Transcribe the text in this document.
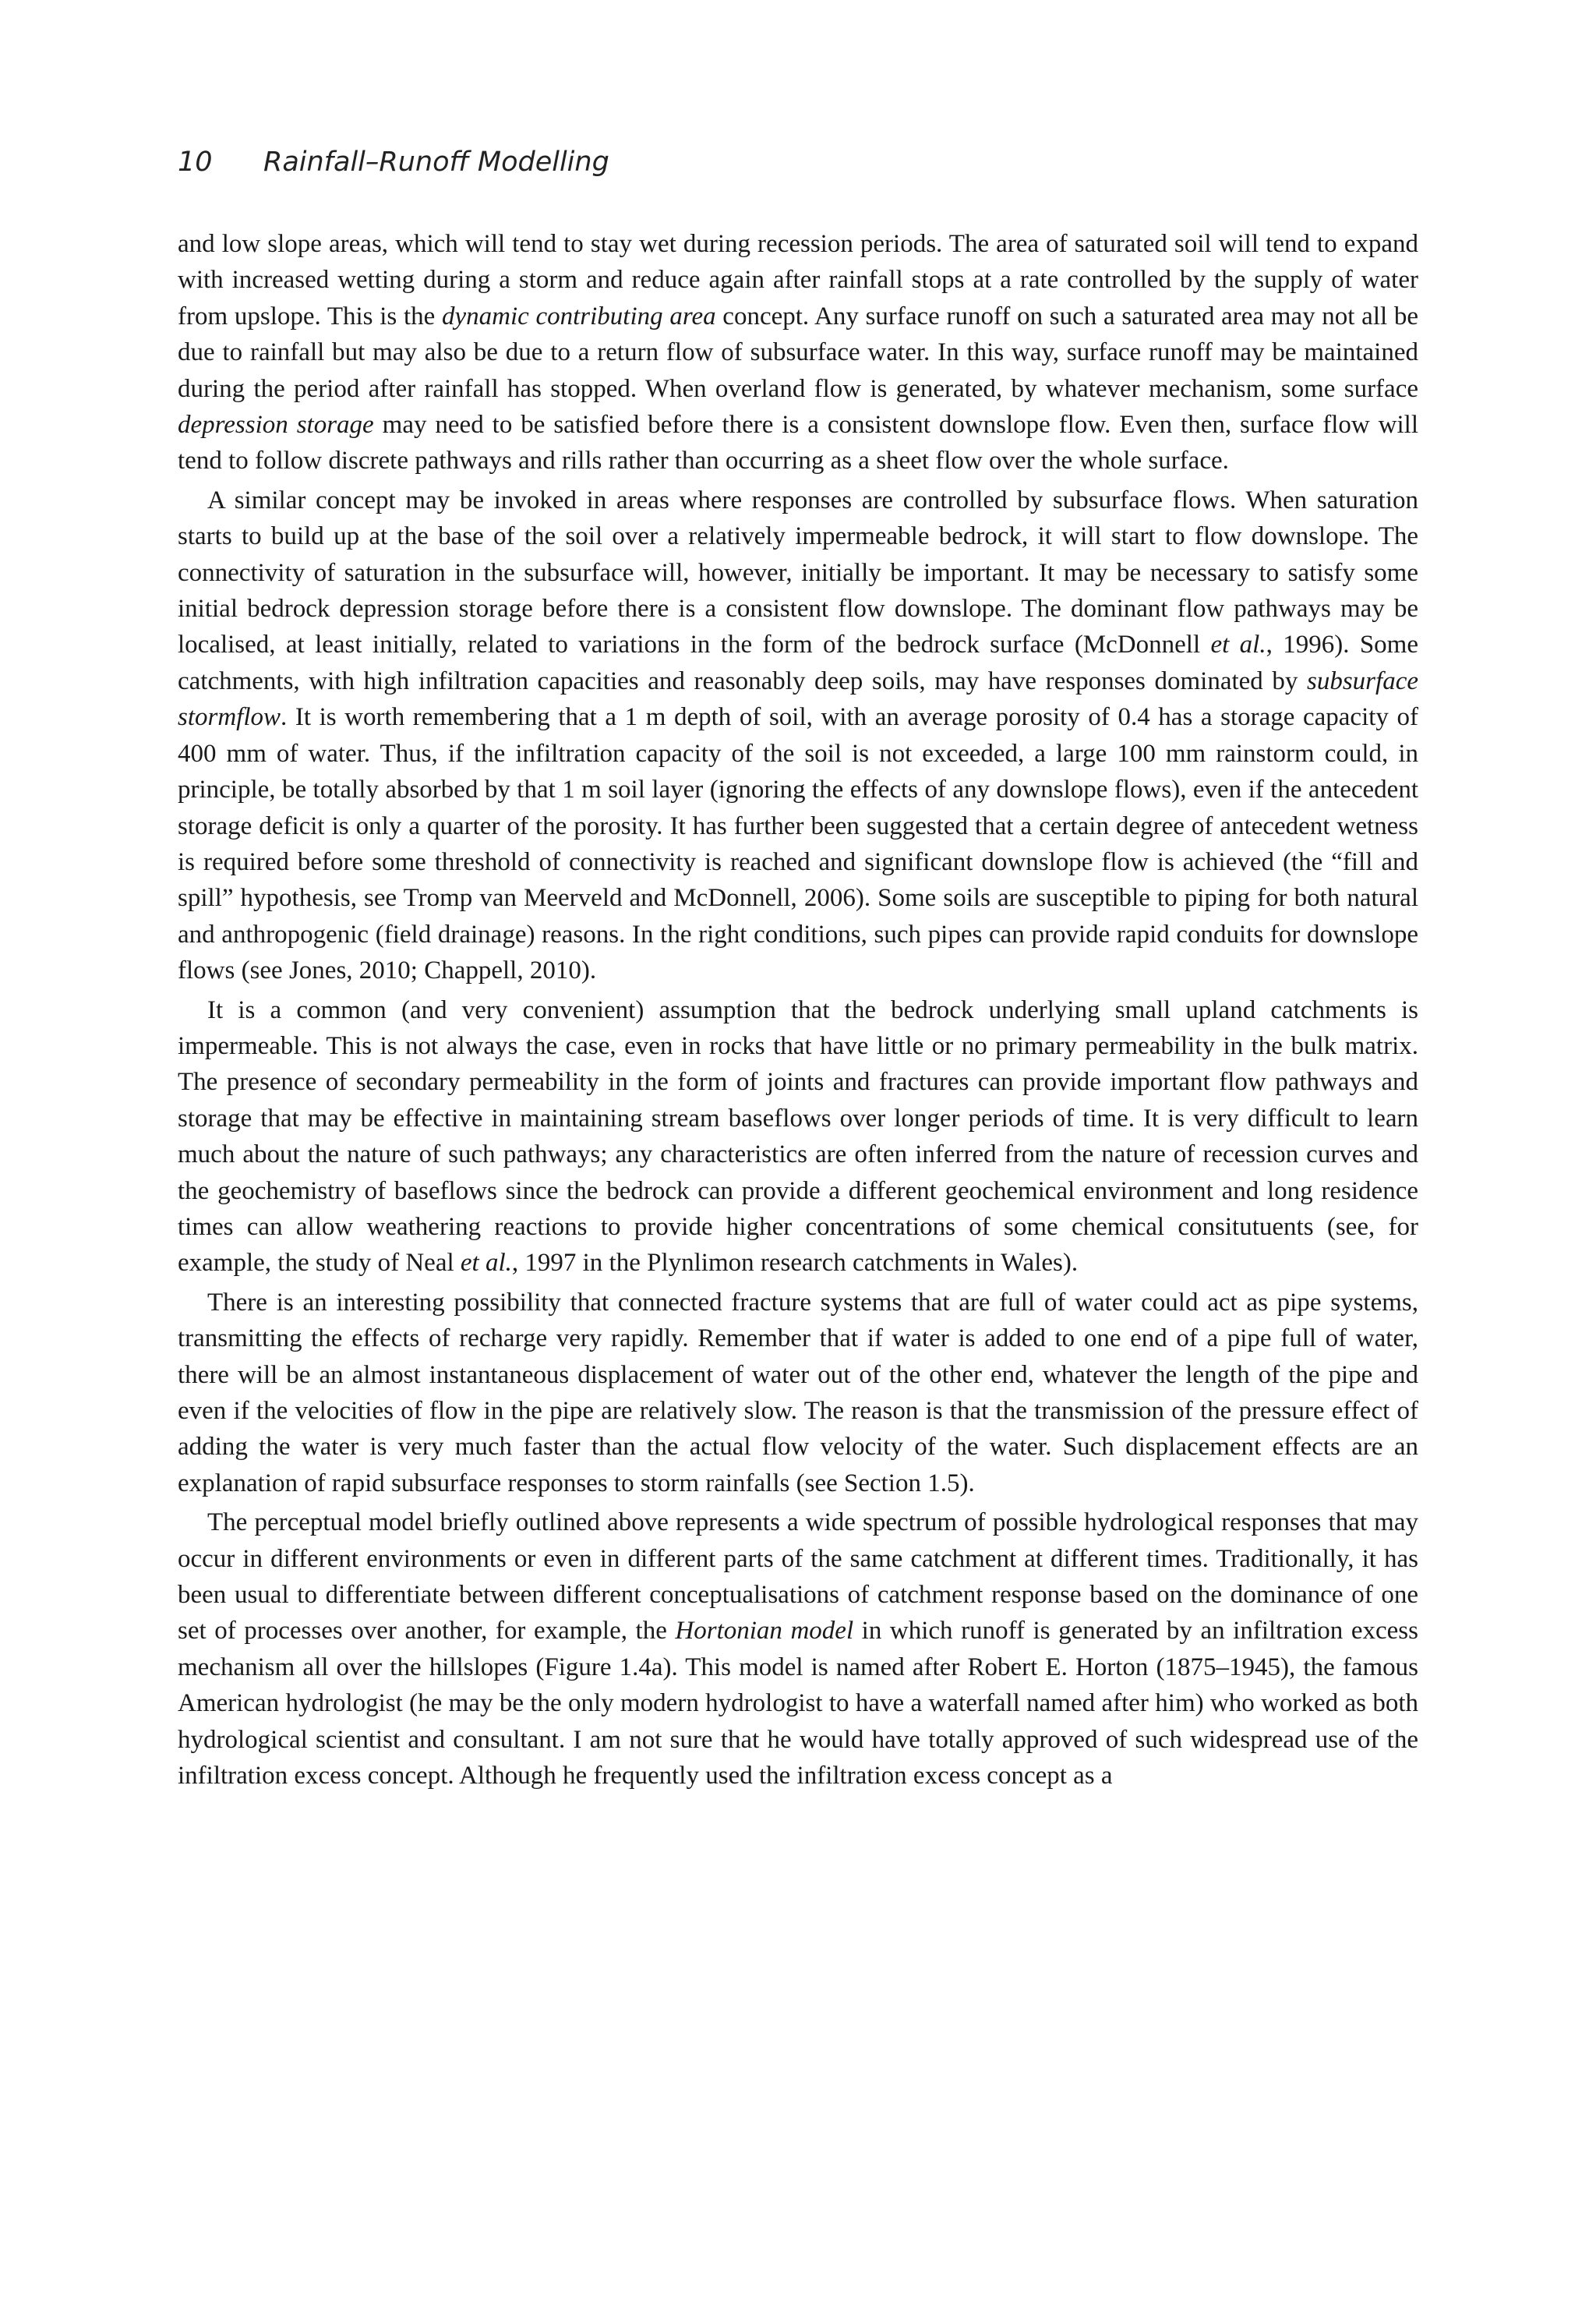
10 Rainfall–Runoff Modelling

and low slope areas, which will tend to stay wet during recession periods. The area of saturated soil will tend to expand with increased wetting during a storm and reduce again after rainfall stops at a rate controlled by the supply of water from upslope. This is the dynamic contributing area concept. Any surface runoff on such a saturated area may not all be due to rainfall but may also be due to a return flow of subsurface water. In this way, surface runoff may be maintained during the period after rainfall has stopped. When overland flow is generated, by whatever mechanism, some surface depression storage may need to be satisfied before there is a consistent downslope flow. Even then, surface flow will tend to follow discrete pathways and rills rather than occurring as a sheet flow over the whole surface.

A similar concept may be invoked in areas where responses are controlled by subsurface flows. When saturation starts to build up at the base of the soil over a relatively impermeable bedrock, it will start to flow downslope. The connectivity of saturation in the subsurface will, however, initially be important. It may be necessary to satisfy some initial bedrock depression storage before there is a consistent flow downslope. The dominant flow pathways may be localised, at least initially, related to variations in the form of the bedrock surface (McDonnell et al., 1996). Some catchments, with high infiltration capacities and reasonably deep soils, may have responses dominated by subsurface stormflow. It is worth remembering that a 1 m depth of soil, with an average porosity of 0.4 has a storage capacity of 400 mm of water. Thus, if the infiltration capacity of the soil is not exceeded, a large 100 mm rainstorm could, in principle, be totally absorbed by that 1 m soil layer (ignoring the effects of any downslope flows), even if the antecedent storage deficit is only a quarter of the porosity. It has further been suggested that a certain degree of antecedent wetness is required before some threshold of connectivity is reached and significant downslope flow is achieved (the “fill and spill” hypothesis, see Tromp van Meerveld and McDonnell, 2006). Some soils are susceptible to piping for both natural and anthropogenic (field drainage) reasons. In the right conditions, such pipes can provide rapid conduits for downslope flows (see Jones, 2010; Chappell, 2010).

It is a common (and very convenient) assumption that the bedrock underlying small upland catchments is impermeable. This is not always the case, even in rocks that have little or no primary permeability in the bulk matrix. The presence of secondary permeability in the form of joints and fractures can provide important flow pathways and storage that may be effective in maintaining stream baseflows over longer periods of time. It is very difficult to learn much about the nature of such pathways; any characteristics are often inferred from the nature of recession curves and the geochemistry of baseflows since the bedrock can provide a different geochemical environment and long residence times can allow weathering reactions to provide higher concentrations of some chemical consitutuents (see, for example, the study of Neal et al., 1997 in the Plynlimon research catchments in Wales).

There is an interesting possibility that connected fracture systems that are full of water could act as pipe systems, transmitting the effects of recharge very rapidly. Remember that if water is added to one end of a pipe full of water, there will be an almost instantaneous displacement of water out of the other end, whatever the length of the pipe and even if the velocities of flow in the pipe are relatively slow. The reason is that the transmission of the pressure effect of adding the water is very much faster than the actual flow velocity of the water. Such displacement effects are an explanation of rapid subsurface responses to storm rainfalls (see Section 1.5).

The perceptual model briefly outlined above represents a wide spectrum of possible hydrological responses that may occur in different environments or even in different parts of the same catchment at different times. Traditionally, it has been usual to differentiate between different conceptualisations of catchment response based on the dominance of one set of processes over another, for example, the Hortonian model in which runoff is generated by an infiltration excess mechanism all over the hillslopes (Figure 1.4a). This model is named after Robert E. Horton (1875–1945), the famous American hydrologist (he may be the only modern hydrologist to have a waterfall named after him) who worked as both hydrological scientist and consultant. I am not sure that he would have totally approved of such widespread use of the infiltration excess concept. Although he frequently used the infiltration excess concept as a
